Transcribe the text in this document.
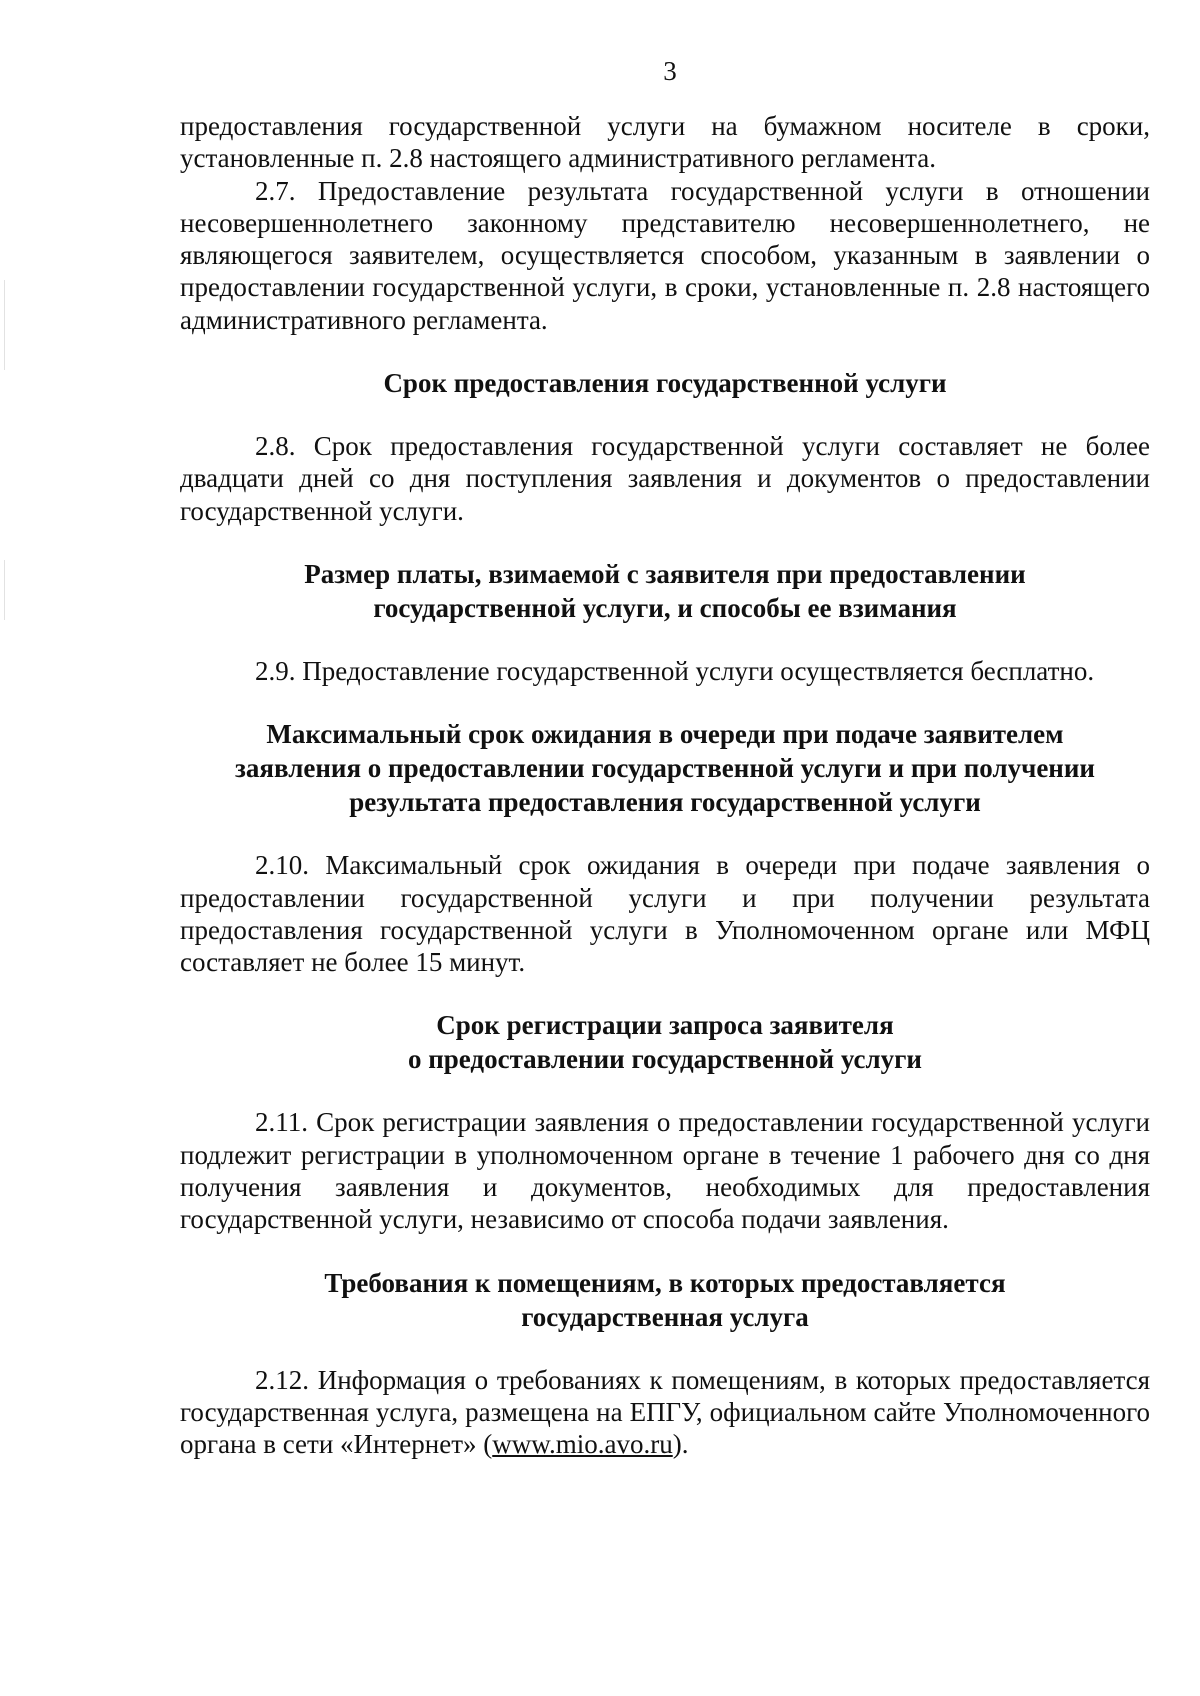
3

предоставления государственной услуги на бумажном носителе в сроки, установленные п. 2.8 настоящего административного регламента.

2.7. Предоставление результата государственной услуги в отношении несовершеннолетнего законному представителю несовершеннолетнего, не являющегося заявителем, осуществляется способом, указанным в заявлении о предоставлении государственной услуги, в сроки, установленные п. 2.8 настоящего административного регламента.

Срок предоставления государственной услуги

2.8. Срок предоставления государственной услуги составляет не более двадцати дней со дня поступления заявления и документов о предоставлении государственной услуги.

Размер платы, взимаемой с заявителя при предоставлении
государственной услуги, и способы ее взимания

2.9. Предоставление государственной услуги осуществляется бесплатно.

Максимальный срок ожидания в очереди при подаче заявителем
заявления о предоставлении государственной услуги и при получении
результата предоставления государственной услуги

2.10. Максимальный срок ожидания в очереди при подаче заявления о предоставлении государственной услуги и при получении результата предоставления государственной услуги в Уполномоченном органе или МФЦ составляет не более 15 минут.

Срок регистрации запроса заявителя
о предоставлении государственной услуги

2.11. Срок регистрации заявления о предоставлении государственной услуги подлежит регистрации в уполномоченном органе в течение 1 рабочего дня со дня получения заявления и документов, необходимых для предоставления государственной услуги, независимо от способа подачи заявления.

Требования к помещениям, в которых предоставляется
государственная услуга

2.12. Информация о требованиях к помещениям, в которых предоставляется государственная услуга, размещена на ЕПГУ, официальном сайте Уполномоченного органа в сети «Интернет» (www.mio.avo.ru).
